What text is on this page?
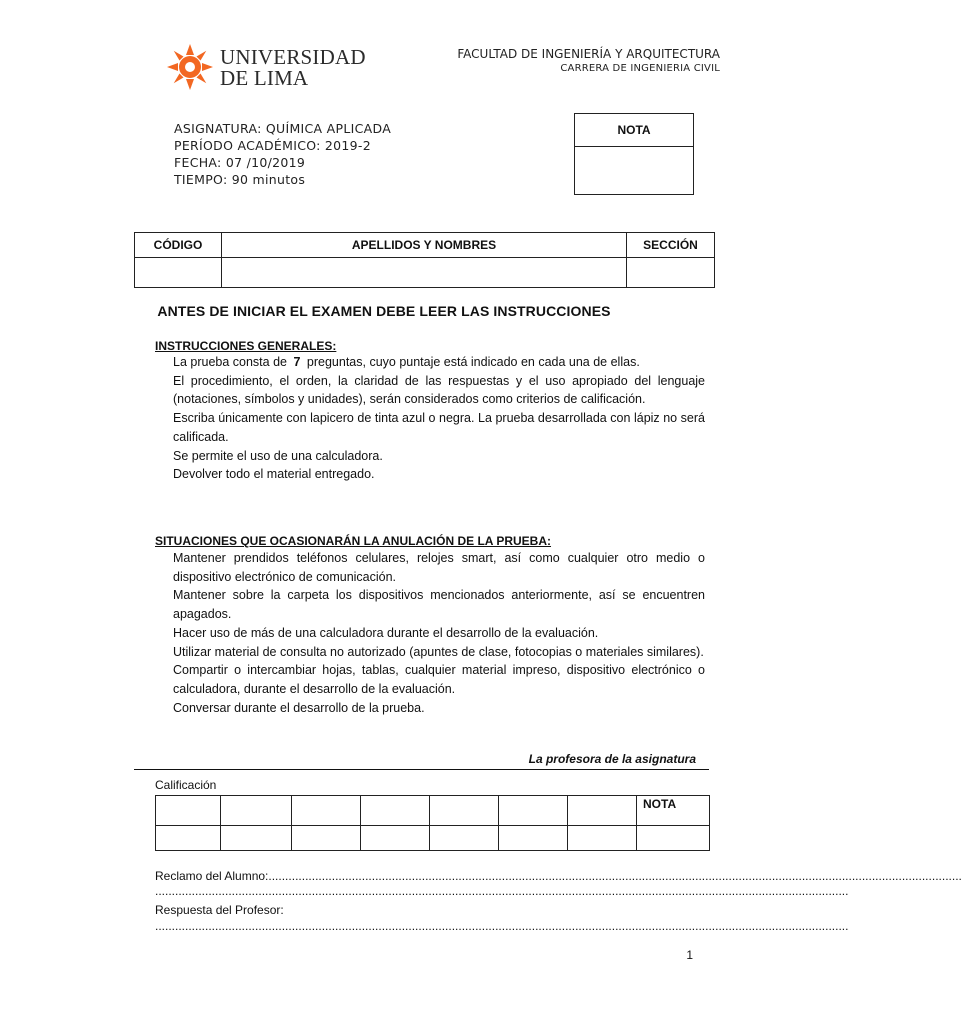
UNIVERSIDAD
DE LIMA
FACULTAD DE INGENIERÍA Y ARQUITECTURA
CARRERA DE INGENIERIA CIVIL
ASIGNATURA: QUÍMICA APLICADA
PERÍODO ACADÉMICO: 2019-2
FECHA: 07 /10/2019
TIEMPO: 90 minutos
NOTA

CÓDIGO	APELLIDOS Y NOMBRES	SECCIÓN

ANTES DE INICIAR EL EXAMEN DEBE LEER LAS INSTRUCCIONES
INSTRUCCIONES GENERALES:
La prueba consta de 7 preguntas, cuyo puntaje está indicado en cada una de ellas.
El procedimiento, el orden, la claridad de las respuestas y el uso apropiado del lenguaje (notaciones, símbolos y unidades), serán considerados como criterios de calificación.
Escriba únicamente con lapicero de tinta azul o negra. La prueba desarrollada con lápiz no será calificada.
Se permite el uso de una calculadora.
Devolver todo el material entregado.
SITUACIONES QUE OCASIONARÁN LA ANULACIÓN DE LA PRUEBA:
Mantener prendidos teléfonos celulares, relojes smart, así como cualquier otro medio o dispositivo electrónico de comunicación.
Mantener sobre la carpeta los dispositivos mencionados anteriormente, así se encuentren apagados.
Hacer uso de más de una calculadora durante el desarrollo de la evaluación.
Utilizar material de consulta no autorizado (apuntes de clase, fotocopias o materiales similares).
Compartir o intercambiar hojas, tablas, cualquier material impreso, dispositivo electrónico o calculadora, durante el desarrollo de la evaluación.
Conversar durante el desarrollo de la prueba.
La profesora de la asignatura
Calificación
							NOTA

Reclamo del Alumno:................................................................................................................................................................................................................
................................................................................................................................................................................................................
Respuesta del Profesor:
................................................................................................................................................................................................................
1
